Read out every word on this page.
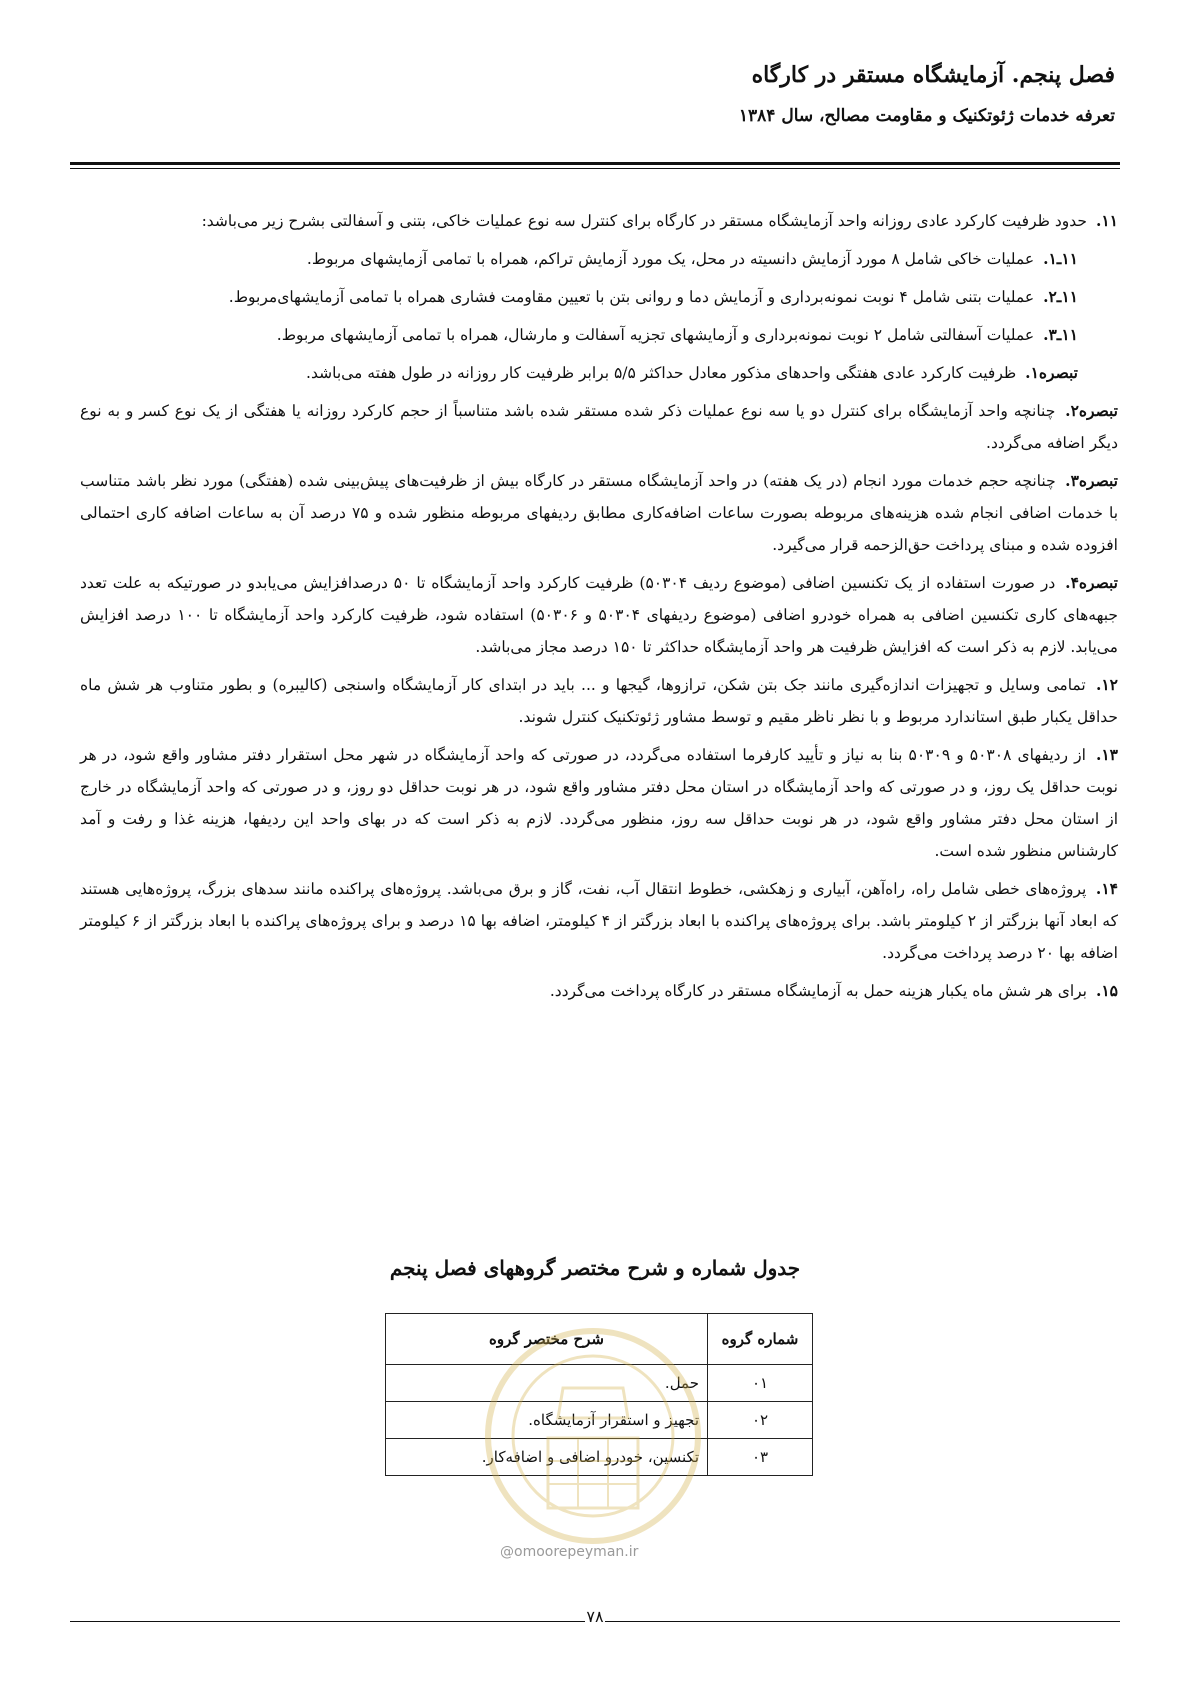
فصل پنجم. آزمایشگاه مستقر در کارگاه
تعرفه خدمات ژئوتکنیک و مقاومت مصالح، سال ۱۳۸۴

۱۱. حدود ظرفیت کارکرد عادی روزانه واحد آزمایشگاه مستقر در کارگاه برای کنترل سه نوع عملیات خاکی، بتنی و آسفالتی بشرح زیر می‌باشد:

۱۱ـ۱. عملیات خاکی شامل ۸ مورد آزمایش دانسیته در محل، یک مورد آزمایش تراکم، همراه با تمامی آزمایشهای مربوط.

۱۱ـ۲. عملیات بتنی شامل ۴ نوبت نمونه‌برداری و آزمایش دما و روانی بتن با تعیین مقاومت فشاری همراه با تمامی آزمایشهای‌مربوط.

۱۱ـ۳. عملیات آسفالتی شامل ۲ نوبت نمونه‌برداری و آزمایشهای تجزیه آسفالت و مارشال، همراه با تمامی آزمایشهای مربوط.

تبصره۱. ظرفیت کارکرد عادی هفتگی واحدهای مذکور معادل حداکثر ۵/۵ برابر ظرفیت کار روزانه در طول هفته می‌باشد.

تبصره۲. چنانچه واحد آزمایشگاه برای کنترل دو یا سه نوع عملیات ذکر شده مستقر شده باشد متناسباً از حجم کارکرد روزانه یا هفتگی از یک نوع کسر و به نوع دیگر اضافه می‌گردد.

تبصره۳. چنانچه حجم خدمات مورد انجام (در یک هفته) در واحد آزمایشگاه مستقر در کارگاه بیش از ظرفیت‌های پیش‌بینی شده (هفتگی) مورد نظر باشد متناسب با خدمات اضافی انجام شده هزینه‌های مربوطه بصورت ساعات اضافه‌کاری مطابق ردیفهای مربوطه منظور شده و ۷۵ درصد آن به ساعات اضافه کاری احتمالی افزوده شده و مبنای پرداخت حق‌الزحمه قرار می‌گیرد.

تبصره۴. در صورت استفاده از یک تکنسین اضافی (موضوع ردیف ۵۰۳۰۴) ظرفیت کارکرد واحد آزمایشگاه تا ۵۰ درصدافزایش می‌یابدو در صورتیکه به علت تعدد جبهه‌های کاری تکنسین اضافی به همراه خودرو اضافی (موضوع ردیفهای ۵۰۳۰۴ و ۵۰۳۰۶) استفاده شود، ظرفیت کارکرد واحد آزمایشگاه تا ۱۰۰ درصد افزایش می‌یابد. لازم به ذکر است که افزایش ظرفیت هر واحد آزمایشگاه حداکثر تا ۱۵۰ درصد مجاز می‌باشد.

۱۲. تمامی وسایل و تجهیزات اندازه‌گیری مانند جک بتن شکن، ترازوها، گیجها و ... باید در ابتدای کار آزمایشگاه واسنجی (کالیبره) و بطور متناوب هر شش ماه حداقل یکبار طبق استاندارد مربوط و با نظر ناظر مقیم و توسط مشاور ژئوتکنیک کنترل شوند.

۱۳. از ردیفهای ۵۰۳۰۸ و ۵۰۳۰۹ بنا به نیاز و تأیید کارفرما استفاده می‌گردد، در صورتی که واحد آزمایشگاه در شهر محل استقرار دفتر مشاور واقع شود، در هر نوبت حداقل یک روز، و در صورتی که واحد آزمایشگاه در استان محل دفتر مشاور واقع شود، در هر نوبت حداقل دو روز، و در صورتی که واحد آزمایشگاه در خارج از استان محل دفتر مشاور واقع شود، در هر نوبت حداقل سه روز، منظور می‌گردد. لازم به ذکر است که در بهای واحد این ردیفها، هزینه غذا و رفت و آمد کارشناس منظور شده است.

۱۴. پروژه‌های خطی شامل راه، راه‌آهن، آبیاری و زهکشی، خطوط انتقال آب، نفت، گاز و برق می‌باشد. پروژه‌های پراکنده مانند سدهای بزرگ، پروژه‌هایی هستند که ابعاد آنها بزرگتر از ۲ کیلومتر باشد. برای پروژه‌های پراکنده با ابعاد بزرگتر از ۴ کیلومتر، اضافه بها ۱۵ درصد و برای پروژه‌های پراکنده با ابعاد بزرگتر از ۶ کیلومتر اضافه بها ۲۰ درصد پرداخت می‌گردد.

۱۵. برای هر شش ماه یکبار هزینه حمل به آزمایشگاه مستقر در کارگاه پرداخت می‌گردد.

جدول شماره و شرح مختصر گروههای فصل پنجم
شماره گروه	شرح مختصر گروه
۰۱	حمل.
۰۲	تجهیز و استقرار آزمایشگاه.
۰۳	تکنسین، خودرو اضافی و اضافه‌کار.
@omoorepeyman.ir
۷۸
